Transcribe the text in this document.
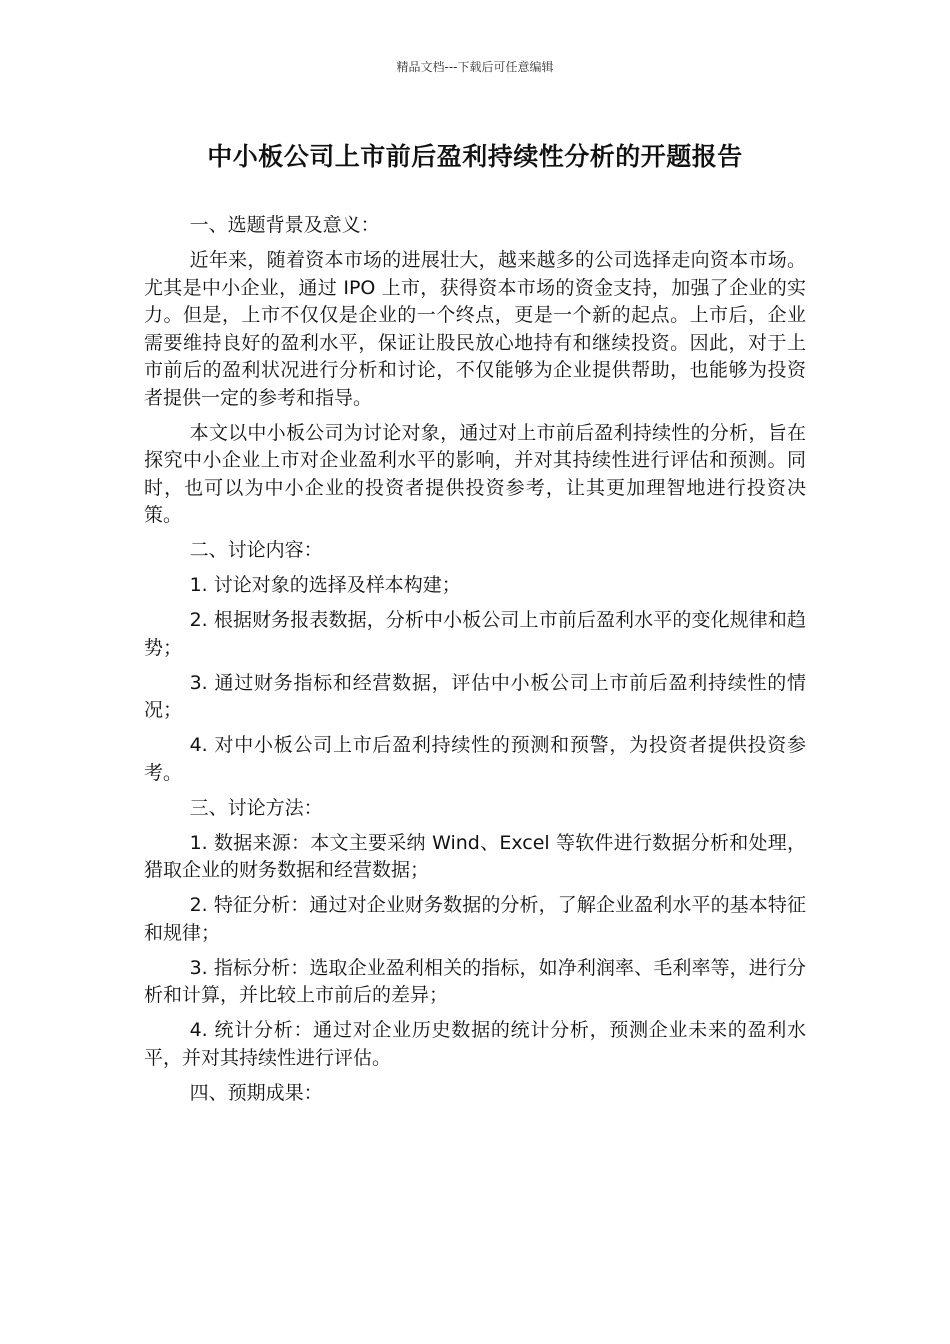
精品文档---下载后可任意编辑
中小板公司上市前后盈利持续性分析的开题报告

一、选题背景及意义：

近年来，随着资本市场的进展壮大，越来越多的公司选择走向资本市场。尤其是中小企业，通过 IPO 上市，获得资本市场的资金支持，加强了企业的实力。但是，上市不仅仅是企业的一个终点，更是一个新的起点。上市后，企业需要维持良好的盈利水平，保证让股民放心地持有和继续投资。因此，对于上市前后的盈利状况进行分析和讨论，不仅能够为企业提供帮助，也能够为投资者提供一定的参考和指导。

本文以中小板公司为讨论对象，通过对上市前后盈利持续性的分析，旨在探究中小企业上市对企业盈利水平的影响，并对其持续性进行评估和预测。同时，也可以为中小企业的投资者提供投资参考，让其更加理智地进行投资决策。

二、讨论内容：

1. 讨论对象的选择及样本构建；

2. 根据财务报表数据，分析中小板公司上市前后盈利水平的变化规律和趋势；

3. 通过财务指标和经营数据，评估中小板公司上市前后盈利持续性的情况；

4. 对中小板公司上市后盈利持续性的预测和预警，为投资者提供投资参考。

三、讨论方法：

1. 数据来源：本文主要采纳 Wind、Excel 等软件进行数据分析和处理，猎取企业的财务数据和经营数据；

2. 特征分析：通过对企业财务数据的分析，了解企业盈利水平的基本特征和规律；

3. 指标分析：选取企业盈利相关的指标，如净利润率、毛利率等，进行分析和计算，并比较上市前后的差异；

4. 统计分析：通过对企业历史数据的统计分析，预测企业未来的盈利水平，并对其持续性进行评估。

四、预期成果：
